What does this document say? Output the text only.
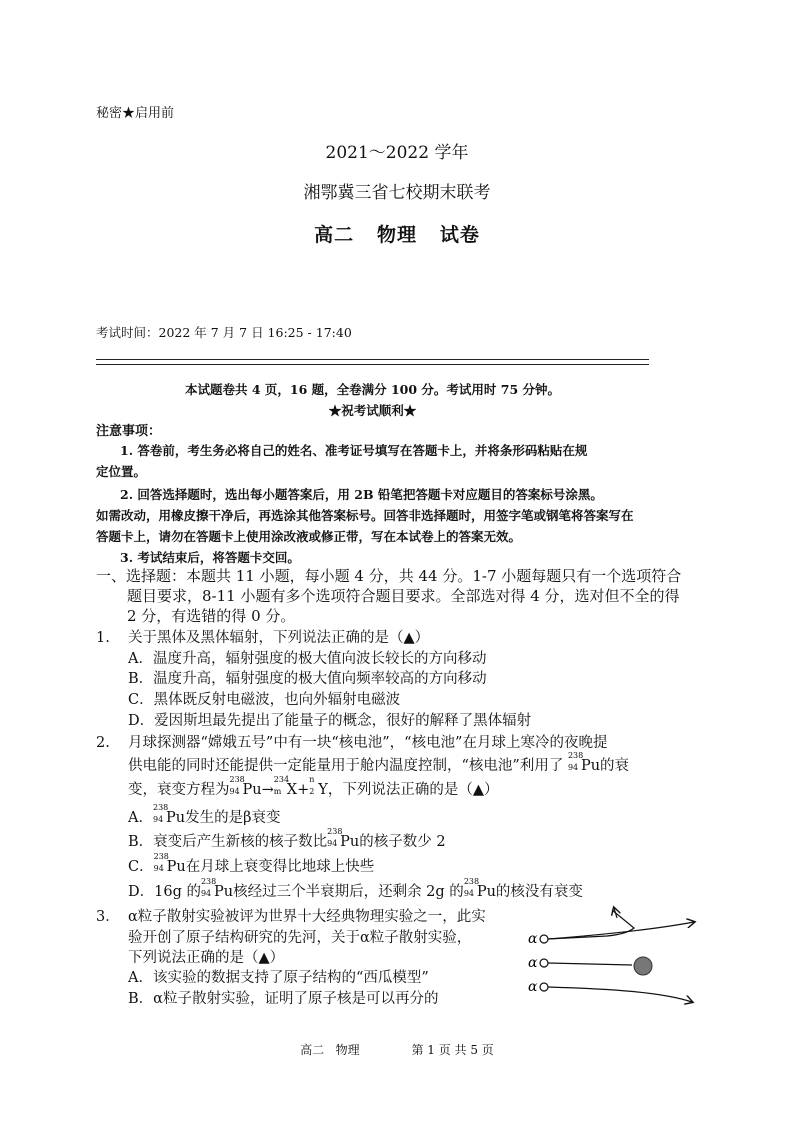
秘密★启用前
2021～2022 学年
湘鄂冀三省七校期末联考
高二   物理   试卷
考试时间：2022 年 7 月 7 日 16:25 - 17:40
本试题卷共 4 页，16 题，全卷满分 100 分。考试用时 75 分钟。
★祝考试顺利★
注意事项：
1. 答卷前，考生务必将自己的姓名、准考证号填写在答题卡上，并将条形码粘贴在规
定位置。
2. 回答选择题时，选出每小题答案后，用 2B 铅笔把答题卡对应题目的答案标号涂黑。
如需改动，用橡皮擦干净后，再选涂其他答案标号。回答非选择题时，用签字笔或钢笔将答案写在
答题卡上，请勿在答题卡上使用涂改液或修正带，写在本试卷上的答案无效。
3. 考试结束后，将答题卡交回。
一、选择题：本题共 11 小题，每小题 4 分，共 44 分。1-7 小题每题只有一个选项符合
题目要求，8-11 小题有多个选项符合题目要求。全部选对得 4 分，选对但不全的得
2 分，有选错的得 0 分。
1. 关于黑体及黑体辐射，下列说法正确的是（▲）
A．温度升高，辐射强度的极大值向波长较长的方向移动
B．温度升高，辐射强度的极大值向频率较高的方向移动
C．黑体既反射电磁波，也向外辐射电磁波
D．爱因斯坦最先提出了能量子的概念，很好的解释了黑体辐射
2. 月球探测器“嫦娥五号”中有一块“核电池”，“核电池”在月球上寒冷的夜晚提
供电能的同时还能提供一定能量用于舱内温度控制，“核电池”利用了
238
94 Pu的衰
变，衰变方程为
238
94 Pu→
234
m X+
n
2 Y，下列说法正确的是（▲）
A．
238
94 Pu发生的是β衰变
B．衰变后产生新核的核子数比
238
94 Pu的核子数少 2
C．
238
94 Pu在月球上衰变得比地球上快些
D．16g 的
238
94 Pu核经过三个半衰期后，还剩余 2g 的
238
94 Pu的核没有衰变
3． α粒子散射实验被评为世界十大经典物理实验之一，此实
验开创了原子结构研究的先河，关于α粒子散射实验，
下列说法正确的是（▲）
A．该实验的数据支持了原子结构的“西瓜模型”
B．α粒子散射实验，证明了原子核是可以再分的
α
α
α
高二   物理	第 1 页 共 5 页
